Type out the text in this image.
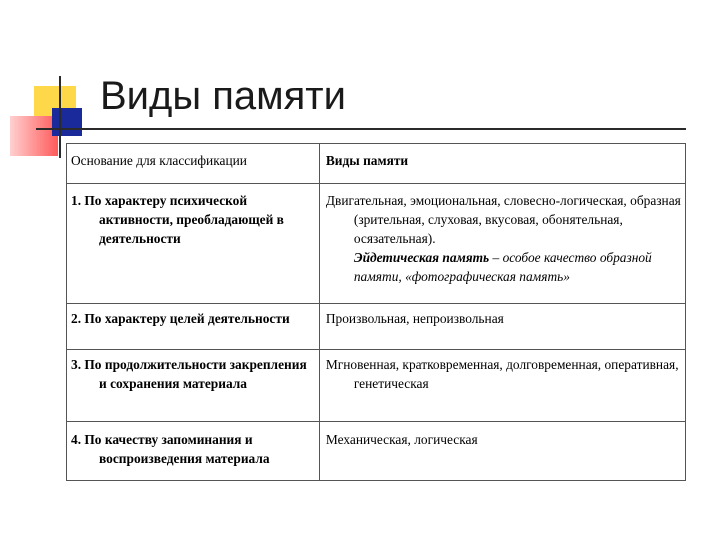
Виды памяти
Основание для классификации	Виды памяти

1. По характеру психической активности, преобладающей в деятельности	Двигательная, эмоциональная, словесно-логическая, образная (зрительная, слуховая, вкусовая, обонятельная, осязательная).
Эйдетическая память – особое качество образной памяти, «фотографическая память»

2. По характеру целей деятельности	Произвольная, непроизвольная

3. По продолжительности закрепления и сохранения материала	Мгновенная, кратковременная, долговременная, оперативная, генетическая

4. По качеству запоминания и воспроизведения материала	Механическая, логическая
